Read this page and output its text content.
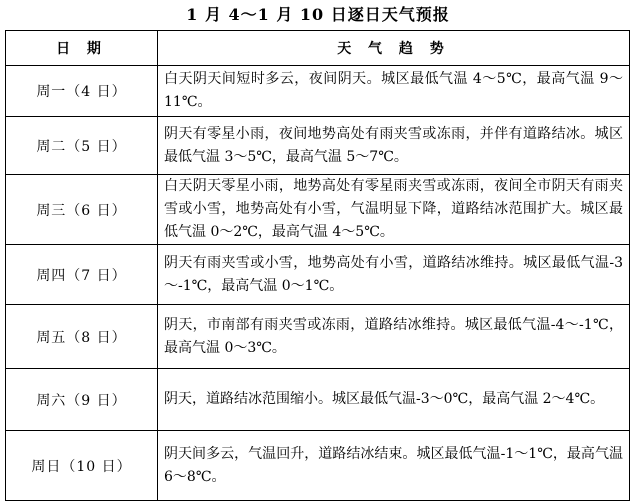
1 月 4～1 月 10 日逐日天气预报
日 期	天 气 趋 势
周一（4 日）	白天阴天间短时多云，夜间阴天。城区最低气温 4～5℃，最高气温 9～11℃。
周二（5 日）	阴天有零星小雨，夜间地势高处有雨夹雪或冻雨，并伴有道路结冰。城区最低气温 3～5℃，最高气温 5～7℃。
周三（6 日）	白天阴天零星小雨，地势高处有零星雨夹雪或冻雨，夜间全市阴天有雨夹雪或小雪，地势高处有小雪，气温明显下降，道路结冰范围扩大。城区最低气温 0～2℃，最高气温 4～5℃。
周四（7 日）	阴天有雨夹雪或小雪，地势高处有小雪，道路结冰维持。城区最低气温-3～-1℃，最高气温 0～1℃。
周五（8 日）	阴天，市南部有雨夹雪或冻雨，道路结冰维持。城区最低气温-4～-1℃，最高气温 0～3℃。
周六（9 日）	阴天，道路结冰范围缩小。城区最低气温-3～0℃，最高气温 2～4℃。
周日（10 日）	阴天间多云，气温回升，道路结冰结束。城区最低气温-1～1℃，最高气温 6～8℃。
